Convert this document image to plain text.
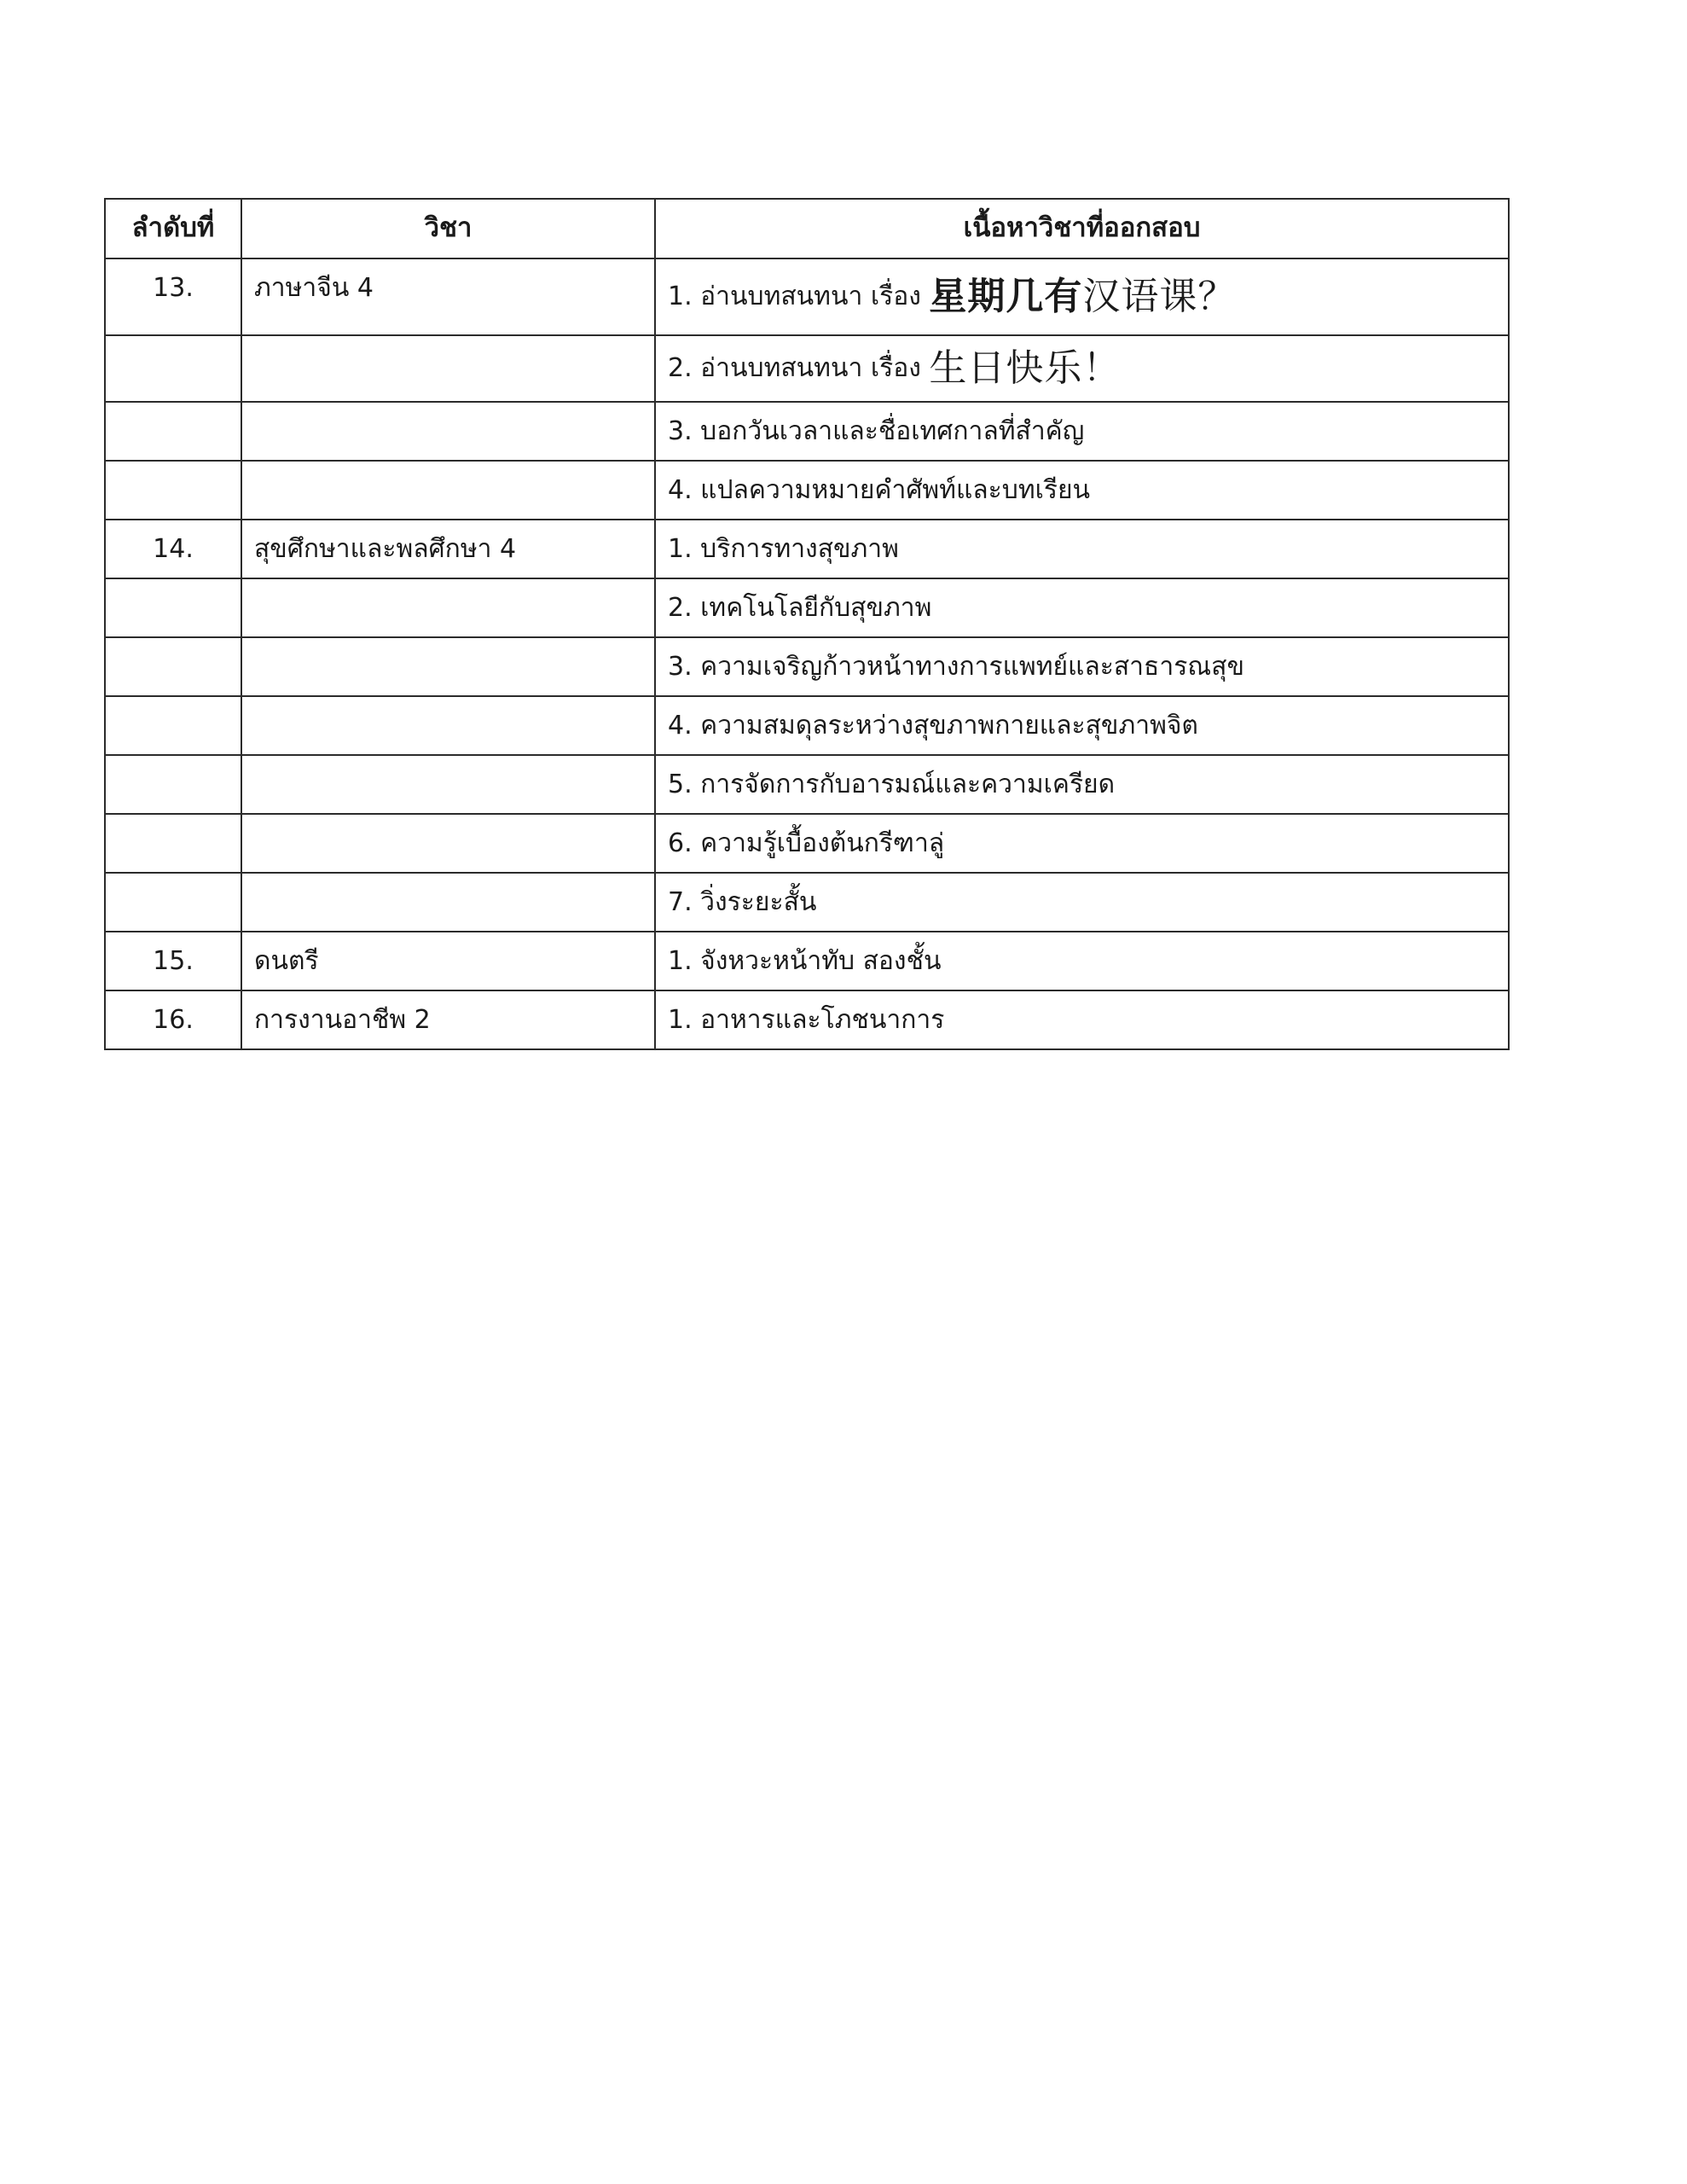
ลำดับที่	วิชา	เนื้อหาวิชาที่ออกสอบ
13.	ภาษาจีน 4	1. อ่านบทสนทนา เรื่อง 星期几有汉语课？
		2. อ่านบทสนทนา เรื่อง 生日快乐！
		3. บอกวันเวลาและชื่อเทศกาลที่สำคัญ
		4. แปลความหมายคำศัพท์และบทเรียน
14.	สุขศึกษาและพลศึกษา 4	1. บริการทางสุขภาพ
		2. เทคโนโลยีกับสุขภาพ
		3. ความเจริญก้าวหน้าทางการแพทย์และสาธารณสุข
		4. ความสมดุลระหว่างสุขภาพกายและสุขภาพจิต
		5. การจัดการกับอารมณ์และความเครียด
		6. ความรู้เบื้องต้นกรีฑาลู่
		7. วิ่งระยะสั้น
15.	ดนตรี	1. จังหวะหน้าทับ สองชั้น
16.	การงานอาชีพ 2	1. อาหารและโภชนาการ
